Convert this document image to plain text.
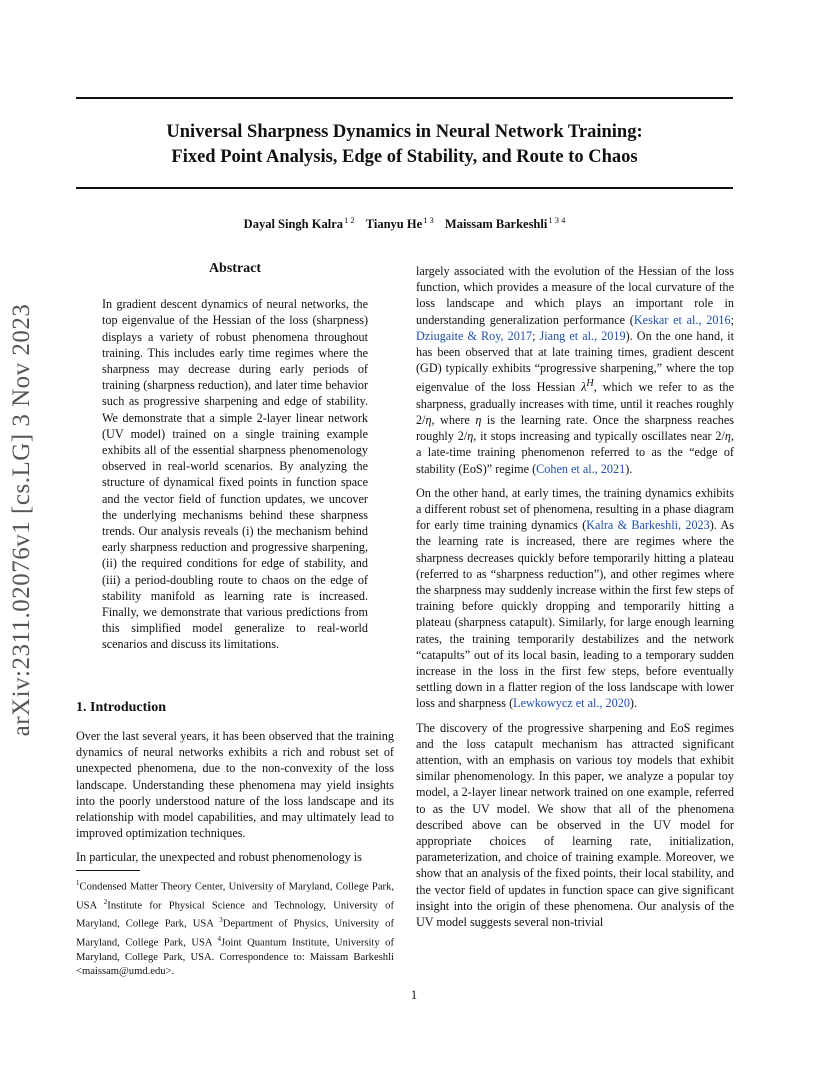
Universal Sharpness Dynamics in Neural Network Training:
Fixed Point Analysis, Edge of Stability, and Route to Chaos
Dayal Singh Kalra$^{1 2}$ Tianyu $He^{1 3}$ Maissam Barkeshli$^{1 3 4}$
arXiv:2311.02076v1 [cs.LG] 3 Nov 2023
Abstract

In gradient descent dynamics of neural networks, the top eigenvalue of the Hessian of the loss (sharpness) displays a variety of robust phenomena throughout training. This includes early time regimes where the sharpness may decrease during early periods of training (sharpness reduction), and later time behavior such as progressive sharpening and edge of stability. We demonstrate that a simple 2-layer linear network (UV model) trained on a single training example exhibits all of the essential sharpness phenomenology observed in real-world scenarios. By analyzing the structure of dynamical fixed points in function space and the vector field of function updates, we uncover the underlying mechanisms behind these sharpness trends. Our analysis reveals (i) the mechanism behind early sharpness reduction and progressive sharpening, (ii) the required conditions for edge of stability, and (iii) a period-doubling route to chaos on the edge of stability manifold as learning rate is increased. Finally, we demonstrate that various predictions from this simplified model generalize to real-world scenarios and discuss its limitations.

1. Introduction

Over the last several years, it has been observed that the training dynamics of neural networks exhibits a rich and robust set of unexpected phenomena, due to the non-convexity of the loss landscape. Understanding these phenomena may yield insights into the poorly understood nature of the loss landscape and its relationship with model capabilities, and may ultimately lead to improved optimization techniques.

In particular, the unexpected and robust phenomenology is

$^1$Condensed Matter Theory Center, University of Maryland, College Park, USA $^2$Institute for Physical Science and Technology, University of Maryland, College Park, USA $^3$Department of Physics, University of Maryland, College Park, USA $^4$Joint Quantum Institute, University of Maryland, College Park, USA. Correspondence to: Maissam Barkeshli <maissam@umd.edu>.

largely associated with the evolution of the Hessian of the loss function, which provides a measure of the local curvature of the loss landscape and which plays an important role in understanding generalization performance (Keskar et al., 2016; Dziugaite & Roy, 2017; Jiang et al., 2019). On the one hand, it has been observed that at late training times, gradient descent (GD) typically exhibits “progressive sharpening,” where the top eigenvalue of the loss Hessian $\lambda^H$, which we refer to as the sharpness, gradually increases with time, until it reaches roughly 2/η, where η is the learning rate. Once the sharpness reaches roughly 2/η, it stops increasing and typically oscillates near 2/η, a late-time training phenomenon referred to as the “edge of stability (EoS)” regime (Cohen et al., 2021).

On the other hand, at early times, the training dynamics exhibits a different robust set of phenomena, resulting in a phase diagram for early time training dynamics (Kalra & Barkeshli, 2023). As the learning rate is increased, there are regimes where the sharpness decreases quickly before temporarily hitting a plateau (referred to as “sharpness reduction”), and other regimes where the sharpness may suddenly increase within the first few steps of training before quickly dropping and temporarily hitting a plateau (sharpness catapult). Similarly, for large enough learning rates, the training temporarily destabilizes and the network “catapults” out of its local basin, leading to a temporary sudden increase in the loss in the first few steps, before eventually settling down in a flatter region of the loss landscape with lower loss and sharpness (Lewkowycz et al., 2020).

The discovery of the progressive sharpening and EoS regimes and the loss catapult mechanism has attracted significant attention, with an emphasis on various toy models that exhibit similar phenomenology. In this paper, we analyze a popular toy model, a 2-layer linear network trained on one example, referred to as the UV model. We show that all of the phenomena described above can be observed in the UV model for appropriate choices of learning rate, initialization, parameterization, and choice of training example. Moreover, we show that an analysis of the fixed points, their local stability, and the vector field of updates in function space can give significant insight into the origin of these phenomena. Our analysis of the UV model suggests several non-trivial

1
